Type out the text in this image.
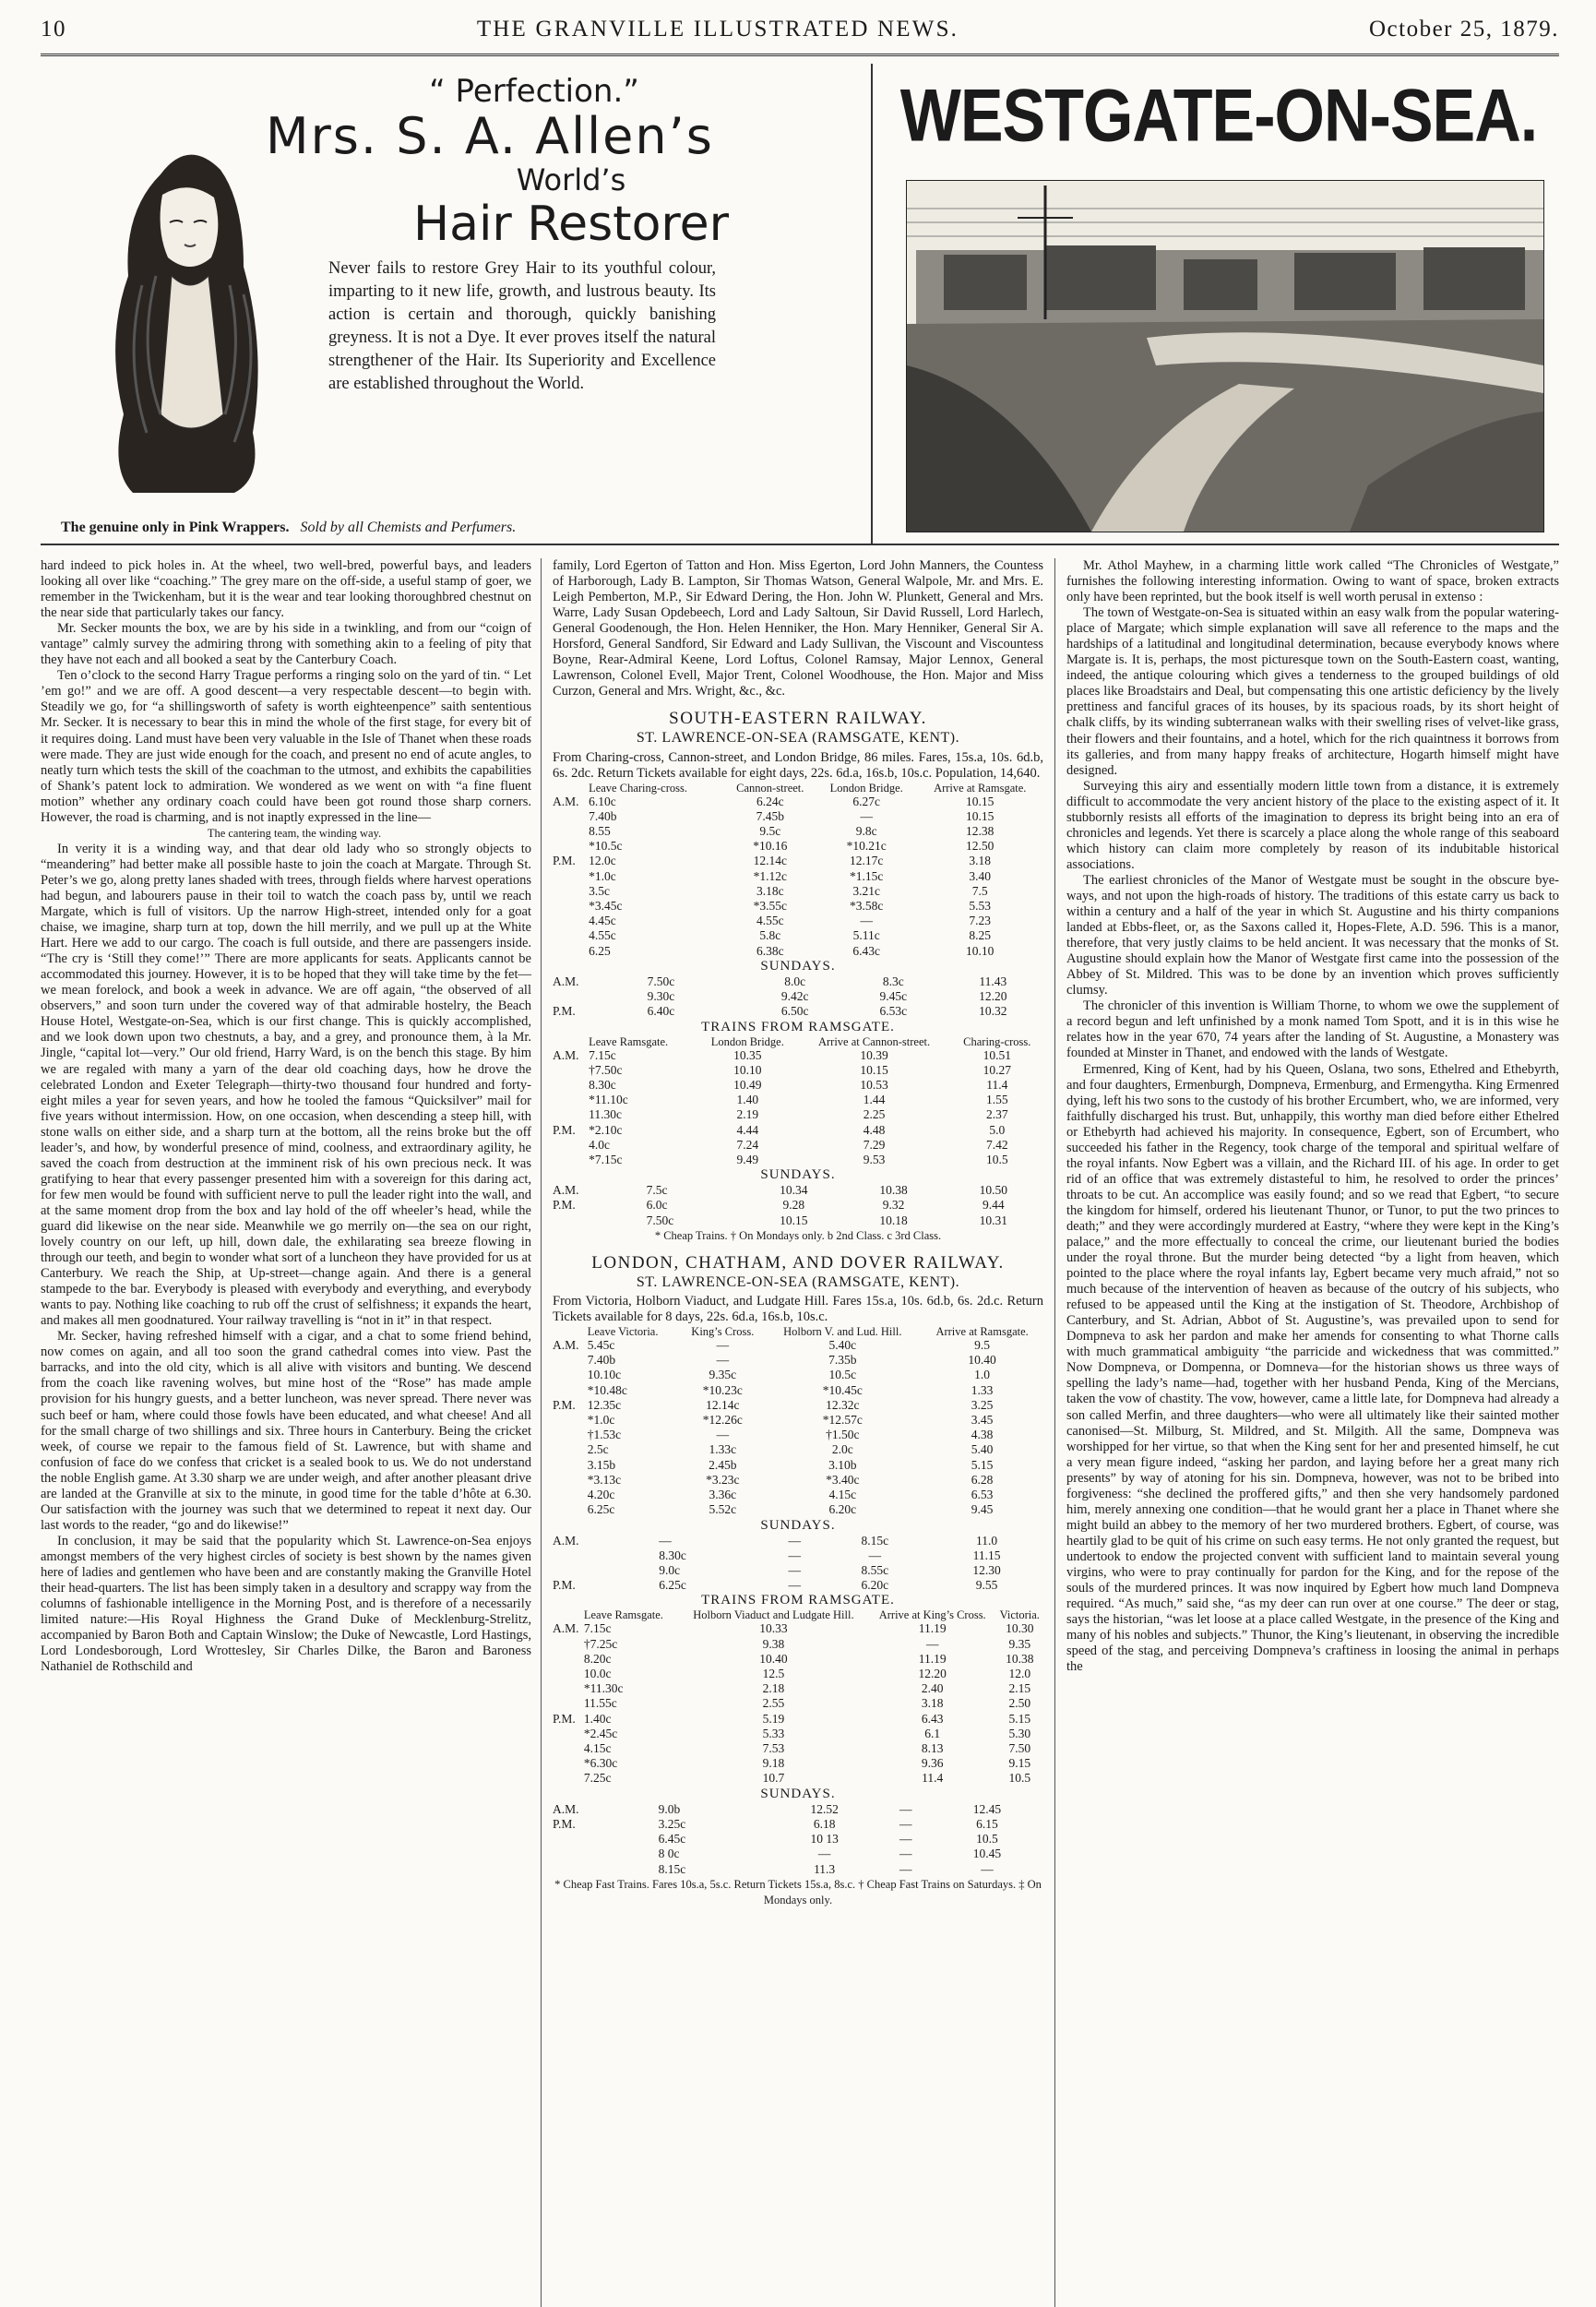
10	THE GRANVILLE ILLUSTRATED NEWS.	October 25, 1879.
“ Perfection.”
Mrs. S. A. Allen’s
World’s
Hair Restorer
Never fails to restore Grey Hair to its youthful colour, imparting to it new life, growth, and lustrous beauty. Its action is certain and thorough, quickly banishing greyness. It is not a Dye. It ever proves itself the natural strengthener of the Hair. Its Superiority and Excellence are established throughout the World.
The genuine only in Pink Wrappers. Sold by all Chemists and Perfumers.
WESTGATE-ON-SEA.

hard indeed to pick holes in. At the wheel, two well-bred, powerful bays, and leaders looking all over like “coaching.” The grey mare on the off-side, a useful stamp of goer, we remember in the Twickenham, but it is the wear and tear looking thoroughbred chestnut on the near side that particularly takes our fancy.

Mr. Secker mounts the box, we are by his side in a twinkling, and from our “coign of vantage” calmly survey the admiring throng with something akin to a feeling of pity that they have not each and all booked a seat by the Canterbury Coach.

Ten o’clock to the second Harry Trague performs a ringing solo on the yard of tin. “ Let ’em go!” and we are off. A good descent—a very respectable descent—to begin with. Steadily we go, for “a shillingsworth of safety is worth eighteenpence” saith sententious Mr. Secker. It is necessary to bear this in mind the whole of the first stage, for every bit of it requires doing. Land must have been very valuable in the Isle of Thanet when these roads were made. They are just wide enough for the coach, and present no end of acute angles, to neatly turn which tests the skill of the coachman to the utmost, and exhibits the capabilities of Shank’s patent lock to admiration. We wondered as we went on with “a fine fluent motion” whether any ordinary coach could have been got round those sharp corners. However, the road is charming, and is not inaptly expressed in the line—

The cantering team, the winding way.

In verity it is a winding way, and that dear old lady who so strongly objects to “meandering” had better make all possible haste to join the coach at Margate. Through St. Peter’s we go, along pretty lanes shaded with trees, through fields where harvest operations had begun, and labourers pause in their toil to watch the coach pass by, until we reach Margate, which is full of visitors. Up the narrow High-street, intended only for a goat chaise, we imagine, sharp turn at top, down the hill merrily, and we pull up at the White Hart. Here we add to our cargo. The coach is full outside, and there are passengers inside. “The cry is ‘Still they come!’” There are more applicants for seats. Applicants cannot be accommodated this journey. However, it is to be hoped that they will take time by the fet—we mean forelock, and book a week in advance. We are off again, “the observed of all observers,” and soon turn under the covered way of that admirable hostelry, the Beach House Hotel, Westgate-on-Sea, which is our first change. This is quickly accomplished, and we look down upon two chestnuts, a bay, and a grey, and pronounce them, à la Mr. Jingle, “capital lot—very.” Our old friend, Harry Ward, is on the bench this stage. By him we are regaled with many a yarn of the dear old coaching days, how he drove the celebrated London and Exeter Telegraph—thirty-two thousand four hundred and forty-eight miles a year for seven years, and how he tooled the famous “Quicksilver” mail for five years without intermission. How, on one occasion, when descending a steep hill, with stone walls on either side, and a sharp turn at the bottom, all the reins broke but the off leader’s, and how, by wonderful presence of mind, coolness, and extraordinary agility, he saved the coach from destruction at the imminent risk of his own precious neck. It was gratifying to hear that every passenger presented him with a sovereign for this daring act, for few men would be found with sufficient nerve to pull the leader right into the wall, and at the same moment drop from the box and lay hold of the off wheeler’s head, while the guard did likewise on the near side. Meanwhile we go merrily on—the sea on our right, lovely country on our left, up hill, down dale, the exhilarating sea breeze flowing in through our teeth, and begin to wonder what sort of a luncheon they have provided for us at Canterbury. We reach the Ship, at Up-street—change again. And there is a general stampede to the bar. Everybody is pleased with everybody and everything, and everybody wants to pay. Nothing like coaching to rub off the crust of selfishness; it expands the heart, and makes all men goodnatured. Your railway travelling is “not in it” in that respect.

Mr. Secker, having refreshed himself with a cigar, and a chat to some friend behind, now comes on again, and all too soon the grand cathedral comes into view. Past the barracks, and into the old city, which is all alive with visitors and bunting. We descend from the coach like ravening wolves, but mine host of the “Rose” has made ample provision for his hungry guests, and a better luncheon, was never spread. There never was such beef or ham, where could those fowls have been educated, and what cheese! And all for the small charge of two shillings and six. Three hours in Canterbury. Being the cricket week, of course we repair to the famous field of St. Lawrence, but with shame and confusion of face do we confess that cricket is a sealed book to us. We do not understand the noble English game. At 3.30 sharp we are under weigh, and after another pleasant drive are landed at the Granville at six to the minute, in good time for the table d’hôte at 6.30. Our satisfaction with the journey was such that we determined to repeat it next day. Our last words to the reader, “go and do likewise!”

In conclusion, it may be said that the popularity which St. Lawrence-on-Sea enjoys amongst members of the very highest circles of society is best shown by the names given here of ladies and gentlemen who have been and are constantly making the Granville Hotel their head-quarters. The list has been simply taken in a desultory and scrappy way from the columns of fashionable intelligence in the Morning Post, and is therefore of a necessarily limited nature:—His Royal Highness the Grand Duke of Mecklenburg-Strelitz, accompanied by Baron Both and Captain Winslow; the Duke of Newcastle, Lord Hastings, Lord Londesborough, Lord Wrottesley, Sir Charles Dilke, the Baron and Baroness Nathaniel de Rothschild and

family, Lord Egerton of Tatton and Hon. Miss Egerton, Lord John Manners, the Countess of Harborough, Lady B. Lampton, Sir Thomas Watson, General Walpole, Mr. and Mrs. E. Leigh Pemberton, M.P., Sir Edward Dering, the Hon. John W. Plunkett, General and Mrs. Warre, Lady Susan Opdebeech, Lord and Lady Saltoun, Sir David Russell, Lord Harlech, General Goodenough, the Hon. Helen Henniker, the Hon. Mary Henniker, General Sir A. Horsford, General Sandford, Sir Edward and Lady Sullivan, the Viscount and Viscountess Boyne, Rear-Admiral Keene, Lord Loftus, Colonel Ramsay, Major Lennox, General Lawrenson, Colonel Evell, Major Trent, Colonel Woodhouse, the Hon. Major and Miss Curzon, General and Mrs. Wright, &c., &c.

SOUTH-EASTERN RAILWAY.
ST. LAWRENCE-ON-SEA (RAMSGATE, KENT).

From Charing-cross, Cannon-street, and London Bridge, 86 miles. Fares, 15s.a, 10s. 6d.b, 6s. 2dc. Return Tickets available for eight days, 22s. 6d.a, 16s.b, 10s.c. Population, 14,640.

	Leave Charing-cross.	Cannon-street.	London Bridge.	Arrive at Ramsgate.
A.M.	6.10c	6.24c	6.27c	10.15
	7.40b	7.45b	—	10.15
	8.55	9.5c	9.8c	12.38
	*10.5c	*10.16	*10.21c	12.50
P.M.	12.0c	12.14c	12.17c	3.18
	*1.0c	*1.12c	*1.15c	3.40
	3.5c	3.18c	3.21c	7.5
	*3.45c	*3.55c	*3.58c	5.53
	4.45c	4.55c	—	7.23
	4.55c	5.8c	5.11c	8.25
	6.25	6.38c	6.43c	10.10
SUNDAYS.
A.M.	7.50c	8.0c	8.3c	11.43
	9.30c	9.42c	9.45c	12.20
P.M.	6.40c	6.50c	6.53c	10.32
TRAINS FROM RAMSGATE.
	Leave Ramsgate.	London Bridge.	Arrive at Cannon-street.	Charing-cross.
A.M.	7.15c	10.35	10.39	10.51
	†7.50c	10.10	10.15	10.27
	8.30c	10.49	10.53	11.4
	*11.10c	1.40	1.44	1.55
	11.30c	2.19	2.25	2.37
P.M.	*2.10c	4.44	4.48	5.0
	4.0c	7.24	7.29	7.42
	*7.15c	9.49	9.53	10.5
SUNDAYS.
A.M.	7.5c	10.34	10.38	10.50
P.M.	6.0c	9.28	9.32	9.44
	7.50c	10.15	10.18	10.31

* Cheap Trains. † On Mondays only. b 2nd Class. c 3rd Class.

LONDON, CHATHAM, AND DOVER RAILWAY.
ST. LAWRENCE-ON-SEA (RAMSGATE, KENT).

From Victoria, Holborn Viaduct, and Ludgate Hill. Fares 15s.a, 10s. 6d.b, 6s. 2d.c. Return Tickets available for 8 days, 22s. 6d.a, 16s.b, 10s.c.

	Leave Victoria.	King’s Cross.	Holborn V. and Lud. Hill.	Arrive at Ramsgate.
A.M.	5.45c	—	5.40c	9.5
	7.40b	—	7.35b	10.40
	10.10c	9.35c	10.5c	1.0
	*10.48c	*10.23c	*10.45c	1.33
P.M.	12.35c	12.14c	12.32c	3.25
	*1.0c	*12.26c	*12.57c	3.45
	†1.53c	—	†1.50c	4.38
	2.5c	1.33c	2.0c	5.40
	3.15b	2.45b	3.10b	5.15
	*3.13c	*3.23c	*3.40c	6.28
	4.20c	3.36c	4.15c	6.53
	6.25c	5.52c	6.20c	9.45
SUNDAYS.
A.M.	—	—	8.15c	11.0
	8.30c	—	—	11.15
	9.0c	—	8.55c	12.30
P.M.	6.25c	—	6.20c	9.55
TRAINS FROM RAMSGATE.
	Leave Ramsgate.	Holborn Viaduct and Ludgate Hill.	Arrive at King’s Cross.	Victoria.
A.M.	7.15c	10.33	11.19	10.30
	†7.25c	9.38	—	9.35
	8.20c	10.40	11.19	10.38
	10.0c	12.5	12.20	12.0
	*11.30c	2.18	2.40	2.15
	11.55c	2.55	3.18	2.50
P.M.	1.40c	5.19	6.43	5.15
	*2.45c	5.33	6.1	5.30
	4.15c	7.53	8.13	7.50
	*6.30c	9.18	9.36	9.15
	7.25c	10.7	11.4	10.5
SUNDAYS.
A.M.	9.0b	12.52	—	12.45
P.M.	3.25c	6.18	—	6.15
	6.45c	10 13	—	10.5
	8 0c	—	—	10.45
	8.15c	11.3	—	—

* Cheap Fast Trains. Fares 10s.a, 5s.c. Return Tickets 15s.a, 8s.c. † Cheap Fast Trains on Saturdays. ‡ On Mondays only.

Mr. Athol Mayhew, in a charming little work called “The Chronicles of Westgate,” furnishes the following interesting information. Owing to want of space, broken extracts only have been reprinted, but the book itself is well worth perusal in extenso :

The town of Westgate-on-Sea is situated within an easy walk from the popular watering-place of Margate; which simple explanation will save all reference to the maps and the hardships of a latitudinal and longitudinal determination, because everybody knows where Margate is. It is, perhaps, the most picturesque town on the South-Eastern coast, wanting, indeed, the antique colouring which gives a tenderness to the grouped buildings of old places like Broadstairs and Deal, but compensating this one artistic deficiency by the lively prettiness and fanciful graces of its houses, by its spacious roads, by its short height of chalk cliffs, by its winding subterranean walks with their swelling rises of velvet-like grass, their flowers and their fountains, and a hotel, which for the rich quaintness it borrows from its galleries, and from many happy freaks of architecture, Hogarth himself might have designed.

Surveying this airy and essentially modern little town from a distance, it is extremely difficult to accommodate the very ancient history of the place to the existing aspect of it. It stubbornly resists all efforts of the imagination to depress its bright being into an era of chronicles and legends. Yet there is scarcely a place along the whole range of this seaboard which history can claim more completely by reason of its indubitable historical associations.

The earliest chronicles of the Manor of Westgate must be sought in the obscure bye-ways, and not upon the high-roads of history. The traditions of this estate carry us back to within a century and a half of the year in which St. Augustine and his thirty companions landed at Ebbs-fleet, or, as the Saxons called it, Hopes-Flete, A.D. 596. This is a manor, therefore, that very justly claims to be held ancient. It was necessary that the monks of St. Augustine should explain how the Manor of Westgate first came into the possession of the Abbey of St. Mildred. This was to be done by an invention which proves sufficiently clumsy.

The chronicler of this invention is William Thorne, to whom we owe the supplement of a record begun and left unfinished by a monk named Tom Spott, and it is in this wise he relates how in the year 670, 74 years after the landing of St. Augustine, a Monastery was founded at Minster in Thanet, and endowed with the lands of Westgate.

Ermenred, King of Kent, had by his Queen, Oslana, two sons, Ethelred and Ethebyrth, and four daughters, Ermenburgh, Dompneva, Ermenburg, and Ermengytha. King Ermenred dying, left his two sons to the custody of his brother Ercumbert, who, we are informed, very faithfully discharged his trust. But, unhappily, this worthy man died before either Ethelred or Ethebyrth had achieved his majority. In consequence, Egbert, son of Ercumbert, who succeeded his father in the Regency, took charge of the temporal and spiritual welfare of the royal infants. Now Egbert was a villain, and the Richard III. of his age. In order to get rid of an office that was extremely distasteful to him, he resolved to order the princes’ throats to be cut. An accomplice was easily found; and so we read that Egbert, “to secure the kingdom for himself, ordered his lieutenant Thunor, or Tunor, to put the two princes to death;” and they were accordingly murdered at Eastry, “where they were kept in the King’s palace,” and the more effectually to conceal the crime, our lieutenant buried the bodies under the royal throne. But the murder being detected “by a light from heaven, which pointed to the place where the royal infants lay, Egbert became very much afraid,” not so much because of the intervention of heaven as because of the outcry of his subjects, who refused to be appeased until the King at the instigation of St. Theodore, Archbishop of Canterbury, and St. Adrian, Abbot of St. Augustine’s, was prevailed upon to send for Dompneva to ask her pardon and make her amends for consenting to what Thorne calls with much grammatical ambiguity “the parricide and wickedness that was committed.” Now Dompneva, or Dompenna, or Domneva—for the historian shows us three ways of spelling the lady’s name—had, together with her husband Penda, King of the Mercians, taken the vow of chastity. The vow, however, came a little late, for Dompneva had already a son called Merfin, and three daughters—who were all ultimately like their sainted mother canonised—St. Milburg, St. Mildred, and St. Milgith. All the same, Dompneva was worshipped for her virtue, so that when the King sent for her and presented himself, he cut a very mean figure indeed, “asking her pardon, and laying before her a great many rich presents” by way of atoning for his sin. Dompneva, however, was not to be bribed into forgiveness: “she declined the proffered gifts,” and then she very handsomely pardoned him, merely annexing one condition—that he would grant her a place in Thanet where she might build an abbey to the memory of her two murdered brothers. Egbert, of course, was heartily glad to be quit of his crime on such easy terms. He not only granted the request, but undertook to endow the projected convent with sufficient land to maintain several young virgins, who were to pray continually for pardon for the King, and for the repose of the souls of the murdered princes. It was now inquired by Egbert how much land Dompneva required. “As much,” said she, “as my deer can run over at one course.” The deer or stag, says the historian, “was let loose at a place called Westgate, in the presence of the King and many of his nobles and subjects.” Thunor, the King’s lieutenant, in observing the incredible speed of the stag, and perceiving Dompneva’s craftiness in loosing the animal in perhaps the
